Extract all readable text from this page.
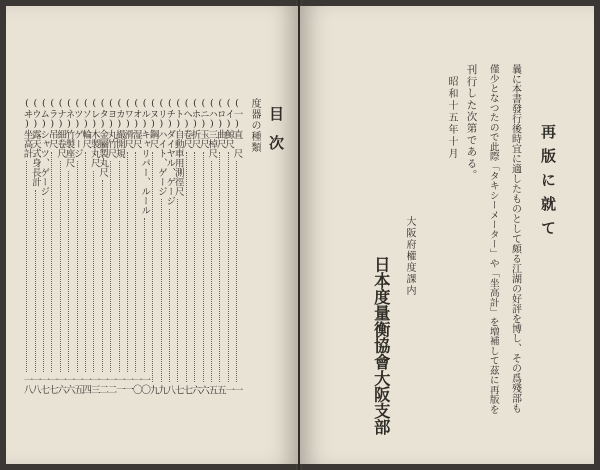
目次
度器の種類
(一)直　尺
一
(イ)鯨尺
一
(ロ)曲尺
五
(ハ)三棹尺
五
(ニ)玉尺
六
(ホ)折尺
六
(ヘ)卷尺
七
(ト)自動車用測徑尺
七
(チ)ダイヤル、ゲージ
八
(リ)ハイト、ゲージ
九
(ヌ)鋼尺
九
(ル)キャリパー、ルール
一〇
(オ)湿尺
一〇
(ワ)滑尺
一一
(カ)撮開規
一一
(ヨ)丸竹尺
一二
(タ)金屬製丸尺
一二
(レ)木製丸尺
一三
(ソ)輪尺
一四
(ツ)ゲージ
一五
(ネ)竹製座尺
一六
(ナ)細卷尺
一六
(ラ)吊尺
一七
(ム)シャツ、ゲージ
一七
(ウ)露天式身長計
一八
(ヰ)坐高計
一八
再版に就て
曩に本書發行後時宜に適したものとして頗る江湖の好評を博し、その爲殘部も
僅少となつたので此際「タキシーメーター」や「坐高計」を増補して茲に再版を
刊行した次第である。
昭和十五年十月
大阪府權度課内
日本度量衡協會大阪支部
